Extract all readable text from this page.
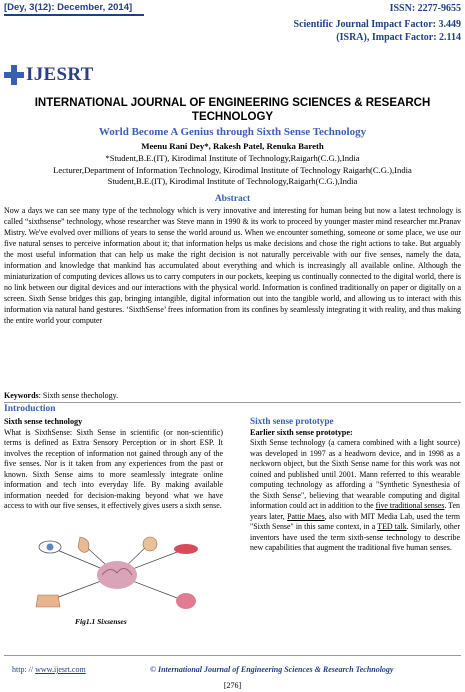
[Dey, 3(12): December, 2014]	ISSN: 2277-9655
Scientific Journal Impact Factor: 3.449
(ISRA), Impact Factor: 2.114
IJESRT
INTERNATIONAL JOURNAL OF ENGINEERING SCIENCES & RESEARCH
TECHNOLOGY
World Become A Genius through Sixth Sense Technology
Meenu Rani Dey*, Rakesh Patel, Renuka Bareth
*Student,B.E.(IT), Kirodimal Institute of Technology,Raigarh(C.G.),India
Lecturer,Department of Information Technology, Kirodimal Institute of Technology Raigarh(C.G.),India
Student,B.E.(IT), Kirodimal Institute of Technology,Raigarh(C.G.),India
Abstract
Now a days we can see many type of the technology which is very innovative and interesting for human being but now a latest technology is called “sixthsense” technology, whose researcher was Steve mann in 1990 & its work to proceed by younger master mind researcher mr.Pranav Mistry. We've evolved over millions of years to sense the world around us. When we encounter something, someone or some place, we use our five natural senses to perceive information about it; that information helps us make decisions and chose the right actions to take. But arguably the most useful information that can help us make the right decision is not naturally perceivable with our five senses, namely the data, information and knowledge that mankind has accumulated about everything and which is increasingly all available online. Although the miniaturization of computing devices allows us to carry computers in our pockets, keeping us continually connected to the digital world, there is no link between our digital devices and our interactions with the physical world. Information is confined traditionally on paper or digitally on a screen. Sixth Sense bridges this gap, bringing intangible, digital information out into the tangible world, and allowing us to interact with this information via natural hand gestures. ‘SixthSense’ frees information from its confines by seamlessly integrating it with reality, and thus making the entire world your computer
Keywords: Sixth sense thechology.
Introduction
Sixth sense technology
What is SixthSense: Sixth Sense in scientific (or non-scientific) terms is defined as Extra Sensory Perception or in short ESP. It involves the reception of information not gained through any of the five senses. Nor is it taken from any experiences from the past or known. Sixth Sense aims to more seamlessly integrate online information and tech into everyday life. By making available information needed for decision-making beyond what we have access to with our five senses, it effectively gives users a sixth sense.
Fig1.1 Sixsenses
Sixth sense prototype
Earlier sixth sense prototype:
Sixth Sense technology (a camera combined with a light source) was developed in 1997 as a headworn device, and in 1998 as a neckworn object, but the Sixth Sense name for this work was not coined and published until 2001. Mann referred to this wearable computing technology as affording a "Synthetic Synesthesia of the Sixth Sense", believing that wearable computing and digital information could act in addition to the five traditional senses. Ten years later, Pattie Maes, also with MIT Media Lab, used the term "Sixth Sense" in this same context, in a TED talk. Similarly, other inventors have used the term sixth-sense technology to describe new capabilities that augment the traditional five human senses.
http: // www.ijesrt.com	© International Journal of Engineering Sciences & Research Technology
[276]
